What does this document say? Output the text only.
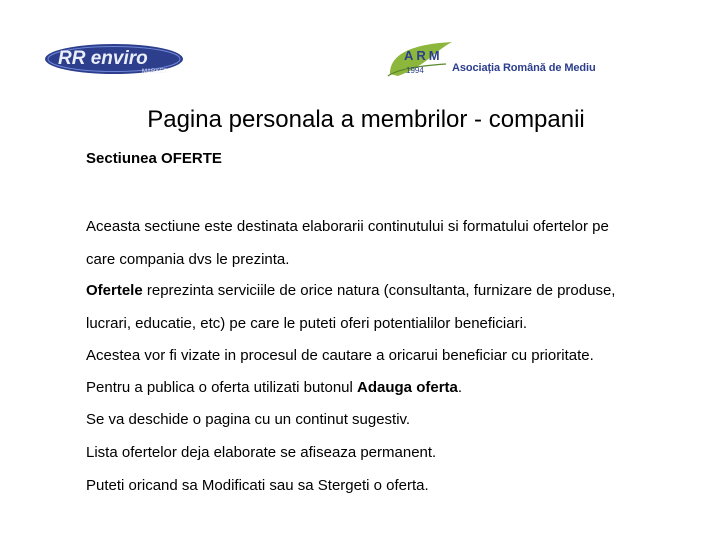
RR enviro
MARKET
ARM
1994	Asociația Română de Mediu
Pagina personala a membrilor - companii
Sectiunea OFERTE
Aceasta sectiune este destinata elaborarii continutului si formatului ofertelor pe
care compania dvs le prezinta.
Ofertele reprezinta serviciile de orice natura (consultanta, furnizare de produse,
lucrari, educatie, etc) pe care le puteti oferi potentialilor beneficiari.
Acestea vor fi vizate in procesul de cautare a oricarui beneficiar cu prioritate.
Pentru a publica o oferta utilizati butonul Adauga oferta.
Se va deschide o pagina cu un continut sugestiv.
Lista ofertelor deja elaborate se afiseaza permanent.
Puteti oricand sa Modificati sau sa Stergeti o oferta.
